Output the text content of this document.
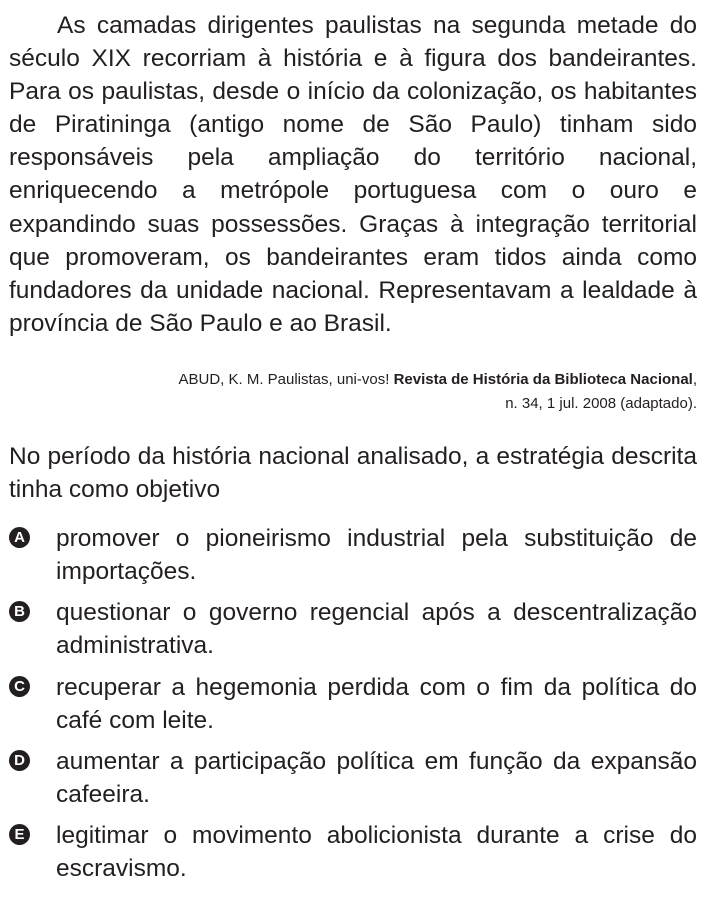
As camadas dirigentes paulistas na segunda metade do século XIX recorriam à história e à figura dos bandeirantes. Para os paulistas, desde o início da colonização, os habitantes de Piratininga (antigo nome de São Paulo) tinham sido responsáveis pela ampliação do território nacional, enriquecendo a metrópole portuguesa com o ouro e expandindo suas possessões. Graças à integração territorial que promoveram, os bandeirantes eram tidos ainda como fundadores da unidade nacional. Representavam a lealdade à província de São Paulo e ao Brasil.

ABUD, K. M. Paulistas, uni-vos! Revista de História da Biblioteca Nacional,
n. 34, 1 jul. 2008 (adaptado).

No período da história nacional analisado, a estratégia descrita tinha como objetivo

A promover o pioneirismo industrial pela substituição de importações.
B questionar o governo regencial após a descentralização administrativa.
C recuperar a hegemonia perdida com o fim da política do café com leite.
D aumentar a participação política em função da expansão cafeeira.
E legitimar o movimento abolicionista durante a crise do escravismo.
